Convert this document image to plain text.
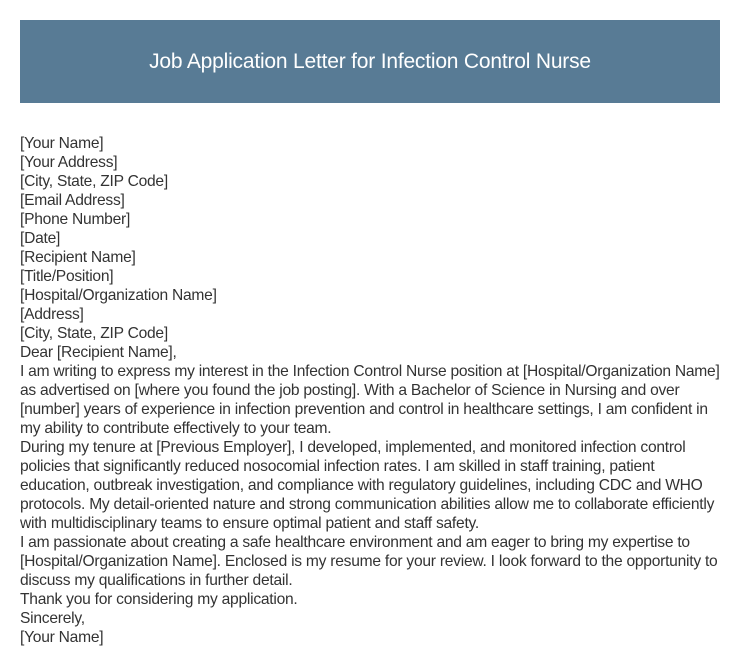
Job Application Letter for Infection Control Nurse
[Your Name]
[Your Address]
[City, State, ZIP Code]
[Email Address]
[Phone Number]
[Date]
[Recipient Name]
[Title/Position]
[Hospital/Organization Name]
[Address]
[City, State, ZIP Code]
Dear [Recipient Name],
I am writing to express my interest in the Infection Control Nurse position at [Hospital/Organization Name] as advertised on [where you found the job posting]. With a Bachelor of Science in Nursing and over [number] years of experience in infection prevention and control in healthcare settings, I am confident in my ability to contribute effectively to your team.
During my tenure at [Previous Employer], I developed, implemented, and monitored infection control policies that significantly reduced nosocomial infection rates. I am skilled in staff training, patient education, outbreak investigation, and compliance with regulatory guidelines, including CDC and WHO protocols. My detail-oriented nature and strong communication abilities allow me to collaborate efficiently with multidisciplinary teams to ensure optimal patient and staff safety.
I am passionate about creating a safe healthcare environment and am eager to bring my expertise to [Hospital/Organization Name]. Enclosed is my resume for your review. I look forward to the opportunity to discuss my qualifications in further detail.
Thank you for considering my application.
Sincerely,
[Your Name]
